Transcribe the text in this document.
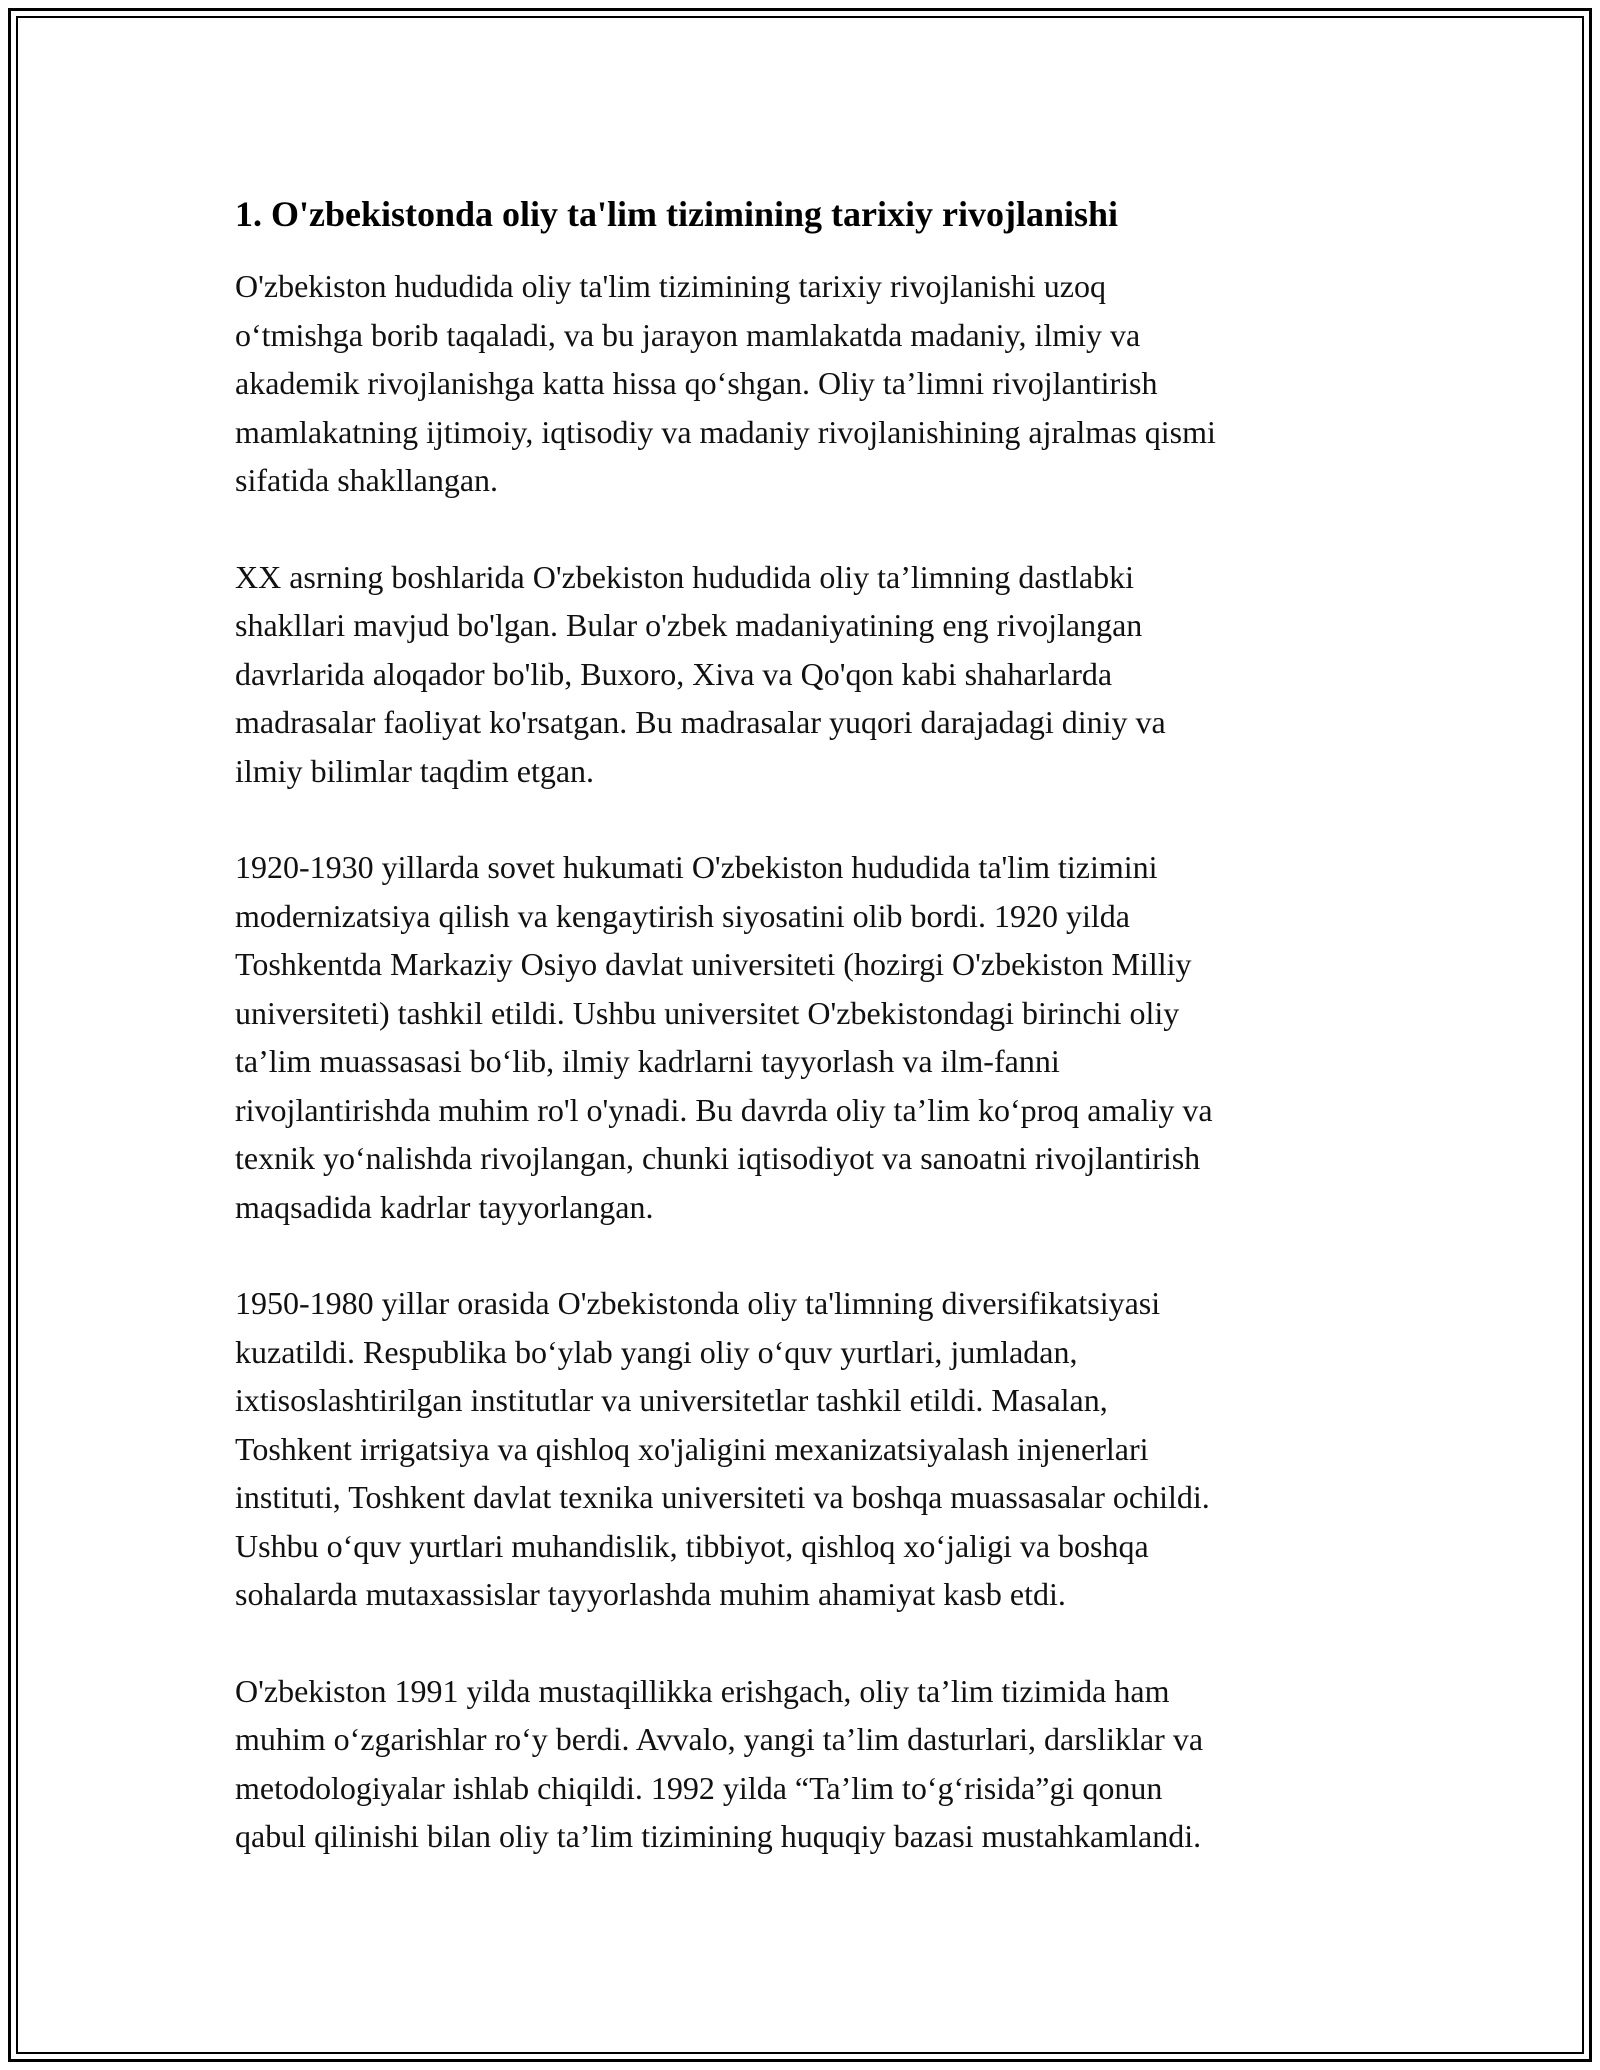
1. O'zbekistonda oliy ta'lim tizimining tarixiy rivojlanishi

O'zbekiston hududida oliy ta'lim tizimining tarixiy rivojlanishi uzoq
o‘tmishga borib taqaladi, va bu jarayon mamlakatda madaniy, ilmiy va
akademik rivojlanishga katta hissa qo‘shgan. Oliy ta’limni rivojlantirish
mamlakatning ijtimoiy, iqtisodiy va madaniy rivojlanishining ajralmas qismi
sifatida shakllangan.

XX asrning boshlarida O'zbekiston hududida oliy ta’limning dastlabki
shakllari mavjud bo'lgan. Bular o'zbek madaniyatining eng rivojlangan
davrlarida aloqador bo'lib, Buxoro, Xiva va Qo'qon kabi shaharlarda
madrasalar faoliyat ko'rsatgan. Bu madrasalar yuqori darajadagi diniy va
ilmiy bilimlar taqdim etgan.

1920-1930 yillarda sovet hukumati O'zbekiston hududida ta'lim tizimini
modernizatsiya qilish va kengaytirish siyosatini olib bordi. 1920 yilda
Toshkentda Markaziy Osiyo davlat universiteti (hozirgi O'zbekiston Milliy
universiteti) tashkil etildi. Ushbu universitet O'zbekistondagi birinchi oliy
ta’lim muassasasi bo‘lib, ilmiy kadrlarni tayyorlash va ilm-fanni
rivojlantirishda muhim ro'l o'ynadi. Bu davrda oliy ta’lim ko‘proq amaliy va
texnik yo‘nalishda rivojlangan, chunki iqtisodiyot va sanoatni rivojlantirish
maqsadida kadrlar tayyorlangan.

1950-1980 yillar orasida O'zbekistonda oliy ta'limning diversifikatsiyasi
kuzatildi. Respublika bo‘ylab yangi oliy o‘quv yurtlari, jumladan,
ixtisoslashtirilgan institutlar va universitetlar tashkil etildi. Masalan,
Toshkent irrigatsiya va qishloq xo'jaligini mexanizatsiyalash injenerlari
instituti, Toshkent davlat texnika universiteti va boshqa muassasalar ochildi.
Ushbu o‘quv yurtlari muhandislik, tibbiyot, qishloq xo‘jaligi va boshqa
sohalarda mutaxassislar tayyorlashda muhim ahamiyat kasb etdi.

O'zbekiston 1991 yilda mustaqillikka erishgach, oliy ta’lim tizimida ham
muhim o‘zgarishlar ro‘y berdi. Avvalo, yangi ta’lim dasturlari, darsliklar va
metodologiyalar ishlab chiqildi. 1992 yilda “Ta’lim to‘g‘risida”gi qonun
qabul qilinishi bilan oliy ta’lim tizimining huquqiy bazasi mustahkamlandi.
